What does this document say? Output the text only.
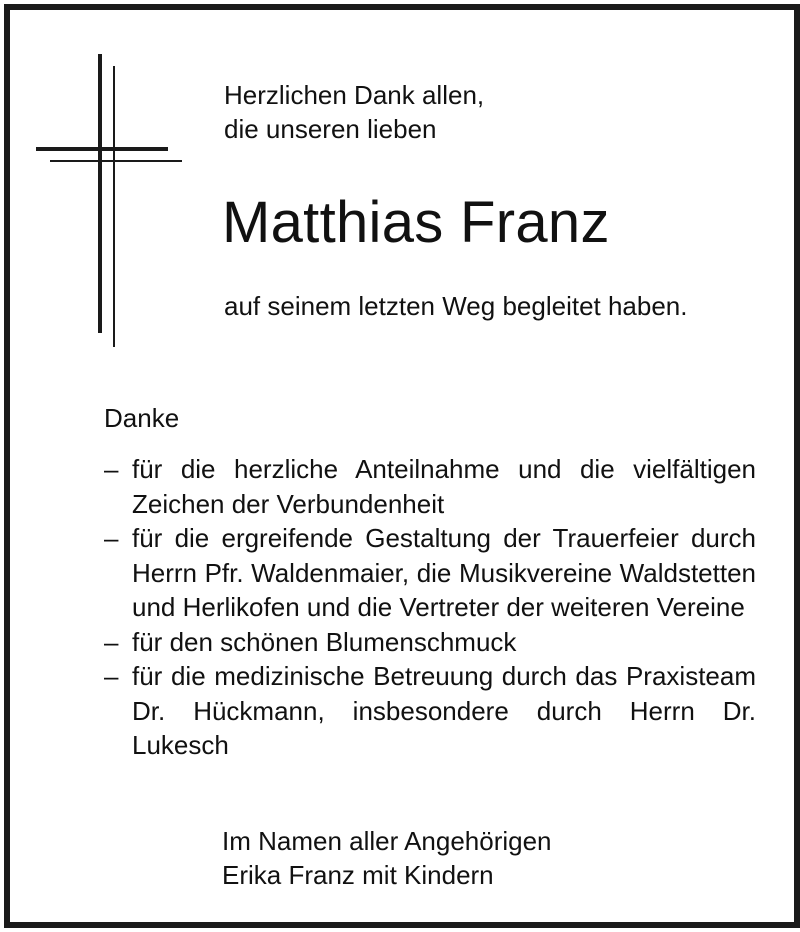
Herzlichen Dank allen,
die unseren lieben
Matthias Franz
auf seinem letzten Weg begleitet haben.
Danke
– für die herzliche Anteilnahme und die vielfältigen Zeichen der Verbundenheit
– für die ergreifende Gestaltung der Trauerfeier durch Herrn Pfr. Waldenmaier, die Musikvereine Waldstetten und Herlikofen und die Vertreter der weiteren Vereine
– für den schönen Blumenschmuck
– für die medizinische Betreuung durch das Praxisteam Dr. Hückmann, insbesondere durch Herrn Dr. Lukesch
Im Namen aller Angehörigen
Erika Franz mit Kindern
